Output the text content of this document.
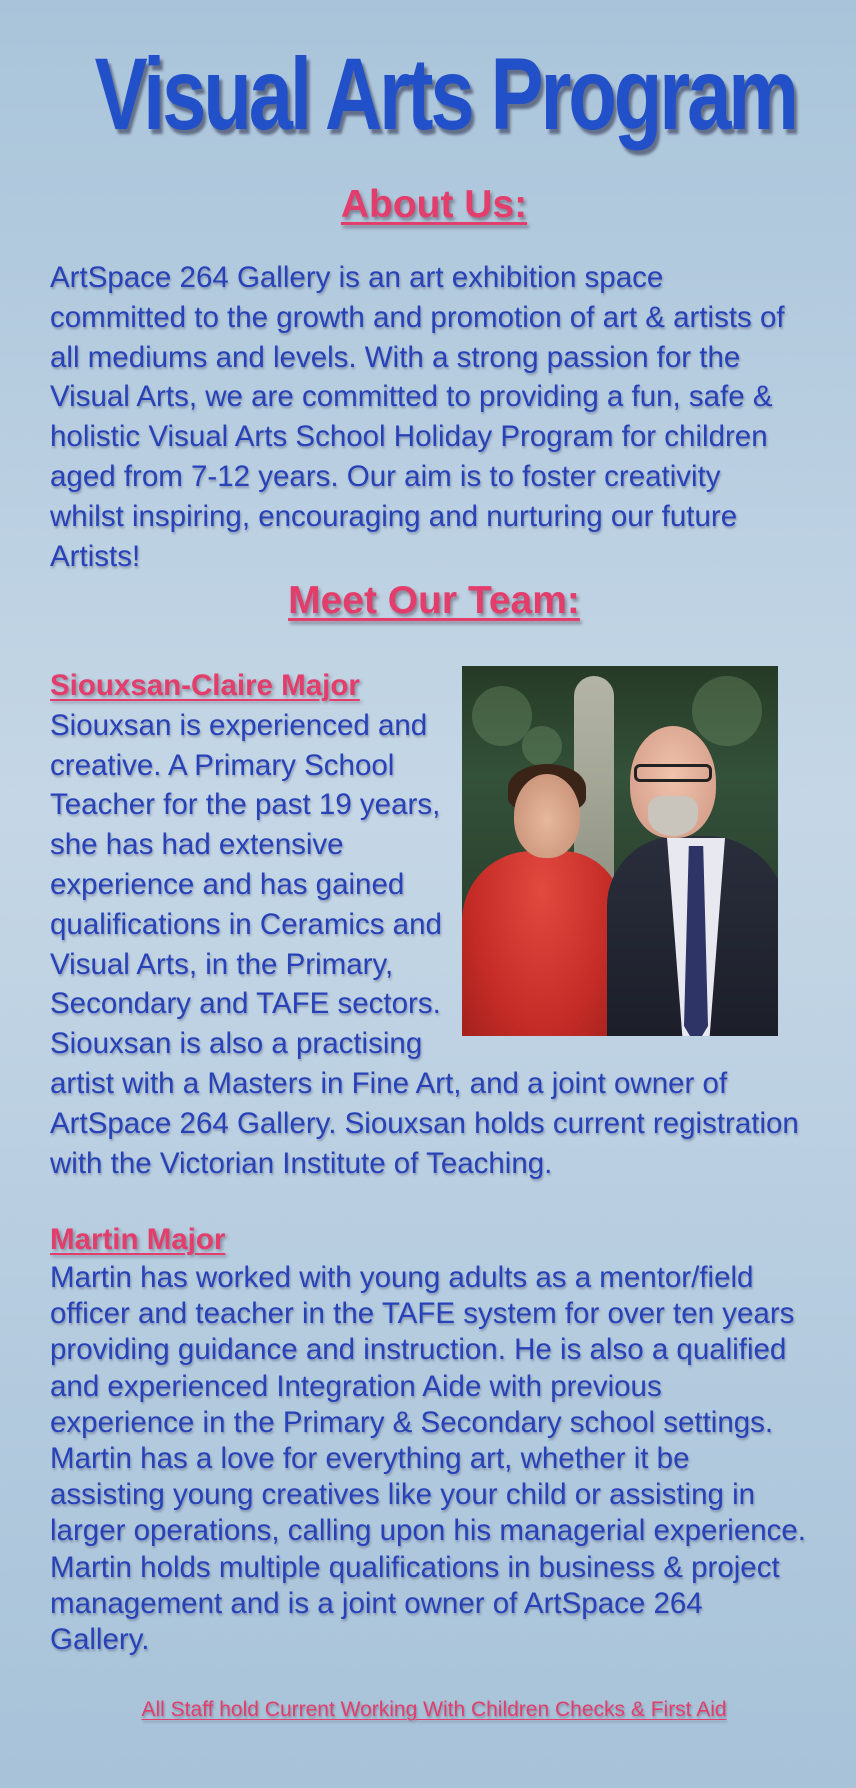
Visual Arts Program
About Us:
ArtSpace 264 Gallery is an art exhibition space committed to the growth and promotion of art & artists of all mediums and levels. With a strong passion for the Visual Arts, we are committed to providing a fun, safe & holistic Visual Arts School Holiday Program for children aged from 7-12 years. Our aim is to foster creativity whilst inspiring, encouraging and nurturing our future Artists!
Meet Our Team:
Siouxsan-Claire Major
Siouxsan is experienced and creative. A Primary School Teacher for the past 19 years, she has had extensive experience and has gained qualifications in Ceramics and Visual Arts, in the Primary, Secondary and TAFE sectors. Siouxsan is also a practising artist with a Masters in Fine Art, and a joint owner of ArtSpace 264 Gallery. Siouxsan holds current registration with the Victorian Institute of Teaching.
Martin Major
Martin has worked with young adults as a mentor/field officer and teacher in the TAFE system for over ten years providing guidance and instruction. He is also a qualified and experienced Integration Aide with previous experience in the Primary & Secondary school settings.
Martin has a love for everything art, whether it be assisting young creatives like your child or assisting in larger operations, calling upon his managerial experience. Martin holds multiple qualifications in business & project management and is a joint owner of ArtSpace 264 Gallery.
All Staff hold Current Working With Children Checks & First Aid
